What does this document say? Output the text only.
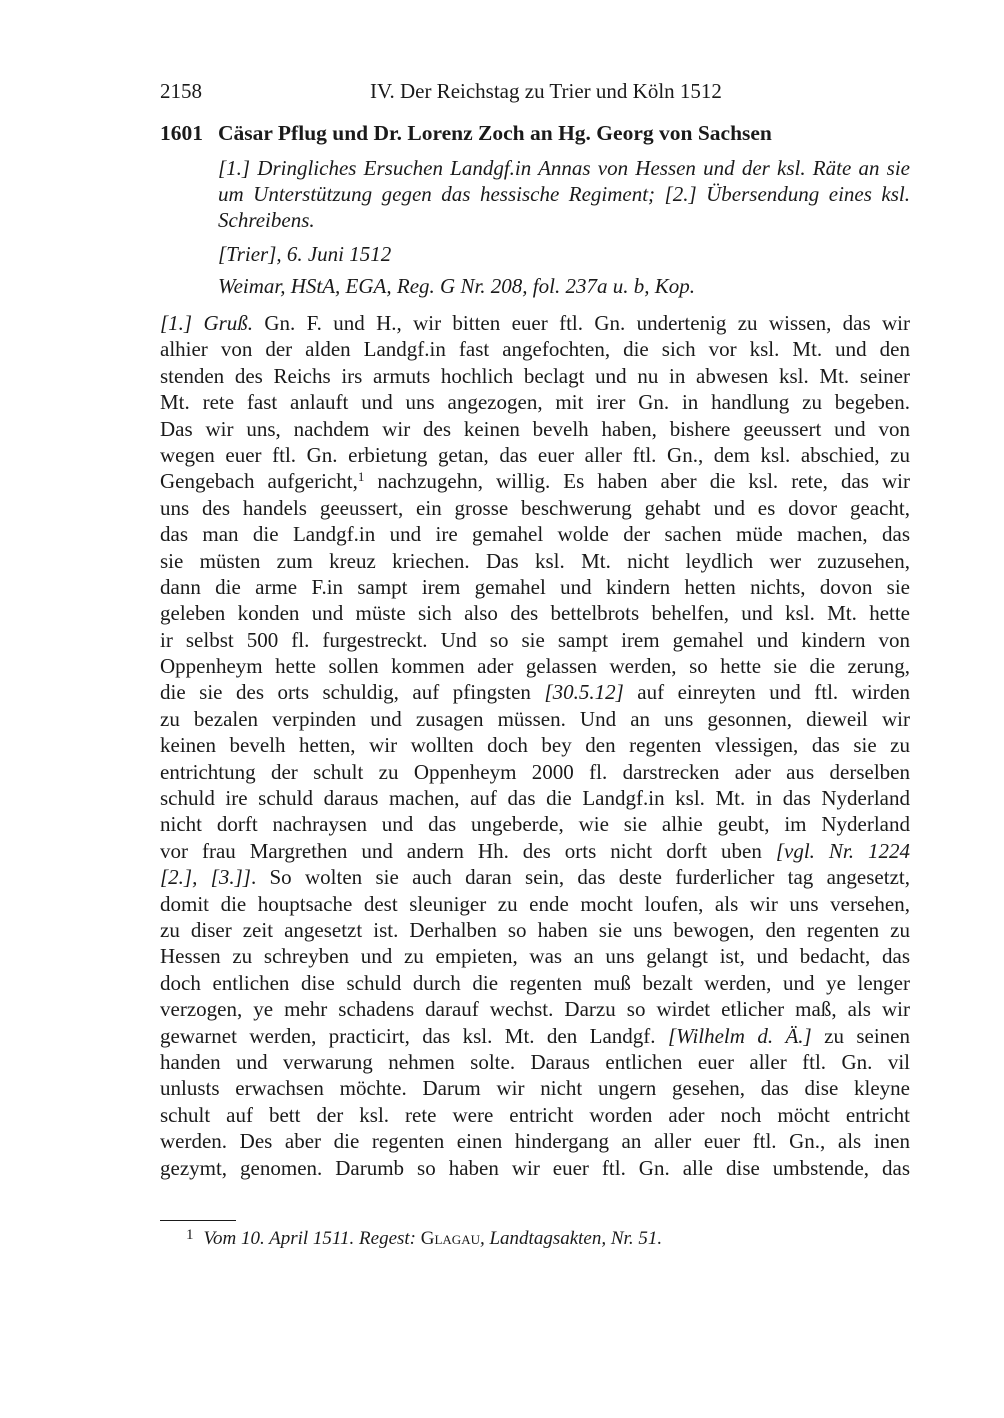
2158	IV. Der Reichstag zu Trier und Köln 1512
1601 Cäsar Pflug und Dr. Lorenz Zoch an Hg. Georg von Sachsen
[1.] Dringliches Ersuchen Landgf.in Annas von Hessen und der ksl. Räte an sie um Unterstützung gegen das hessische Regiment; [2.] Übersendung eines ksl. Schreibens.
[Trier], 6. Juni 1512
Weimar, HStA, EGA, Reg. G Nr. 208, fol. 237a u. b, Kop.
[1.] Gruß. Gn. F. und H., wir bitten euer ftl. Gn. undertenig zu wissen, das wir
alhier von der alden Landgf.in fast angefochten, die sich vor ksl. Mt. und den
stenden des Reichs irs armuts hochlich beclagt und nu in abwesen ksl. Mt. seiner
Mt. rete fast anlauft und uns angezogen, mit irer Gn. in handlung zu begeben.
Das wir uns, nachdem wir des keinen bevelh haben, bishere geeussert und von
wegen euer ftl. Gn. erbietung getan, das euer aller ftl. Gn., dem ksl. abschied, zu
Gengebach aufgericht,$^1$ nachzugehn, willig. Es haben aber die ksl. rete, das wir
uns des handels geeussert, ein grosse beschwerung gehabt und es dovor geacht,
das man die Landgf.in und ire gemahel wolde der sachen müde machen, das
sie müsten zum kreuz kriechen. Das ksl. Mt. nicht leydlich wer zuzusehen,
dann die arme F.in sampt irem gemahel und kindern hetten nichts, dovon sie
geleben konden und müste sich also des bettelbrots behelfen, und ksl. Mt. hette
ir selbst 500 fl. furgestreckt. Und so sie sampt irem gemahel und kindern von
Oppenheym hette sollen kommen ader gelassen werden, so hette sie die zerung,
die sie des orts schuldig, auf pfingsten [30.5.12] auf einreyten und ftl. wirden
zu bezalen verpinden und zusagen müssen. Und an uns gesonnen, dieweil wir
keinen bevelh hetten, wir wollten doch bey den regenten vlessigen, das sie zu
entrichtung der schult zu Oppenheym 2000 fl. darstrecken ader aus derselben
schuld ire schuld daraus machen, auf das die Landgf.in ksl. Mt. in das Nyderland
nicht dorft nachraysen und das ungeberde, wie sie alhie geubt, im Nyderland
vor frau Margrethen und andern Hh. des orts nicht dorft uben [vgl. Nr. 1224
[2.], [3.]]. So wolten sie auch daran sein, das deste furderlicher tag angesetzt,
domit die houptsache dest sleuniger zu ende mocht loufen, als wir uns versehen,
zu diser zeit angesetzt ist. Derhalben so haben sie uns bewogen, den regenten zu
Hessen zu schreyben und zu empieten, was an uns gelangt ist, und bedacht, das
doch entlichen dise schuld durch die regenten muß bezalt werden, und ye lenger
verzogen, ye mehr schadens darauf wechst. Darzu so wirdet etlicher maß, als wir
gewarnet werden, practicirt, das ksl. Mt. den Landgf. [Wilhelm d. Ä.] zu seinen
handen und verwarung nehmen solte. Daraus entlichen euer aller ftl. Gn. vil
unlusts erwachsen möchte. Darum wir nicht ungern gesehen, das dise kleyne
schult auf bett der ksl. rete were entricht worden ader noch möcht entricht
werden. Des aber die regenten einen hindergang an aller euer ftl. Gn., als inen
gezymt, genomen. Darumb so haben wir euer ftl. Gn. alle dise umbstende, das
$^1$ Vom 10. April 1511. Regest: Glagau, Landtagsakten, Nr. 51.
